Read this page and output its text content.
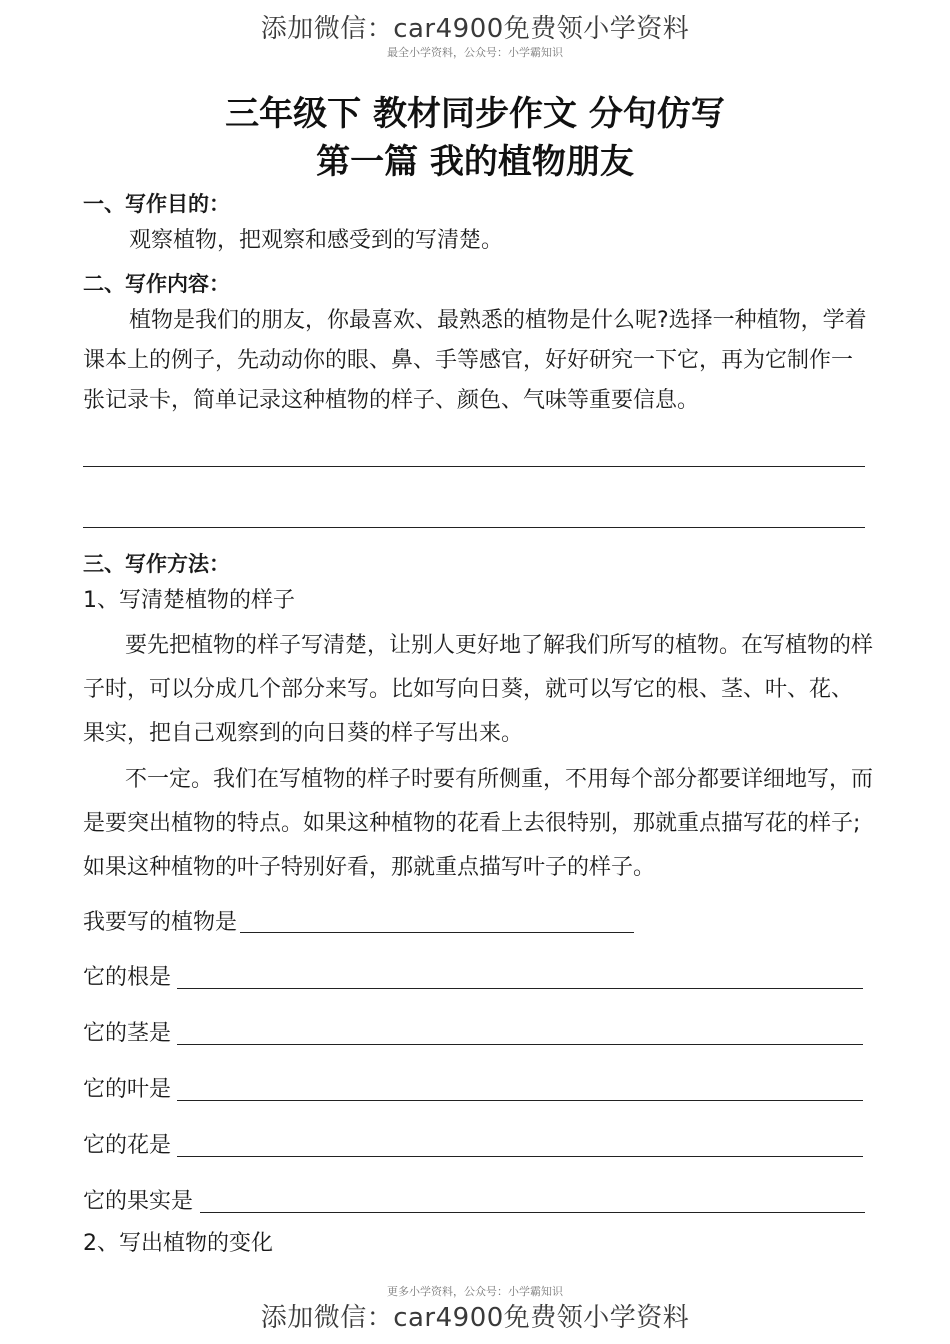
添加微信：car4900免费领小学资料
最全小学资料，公众号：小学霸知识
三年级下 教材同步作文 分句仿写
第一篇 我的植物朋友
一、写作目的：
观察植物，把观察和感受到的写清楚。
二、写作内容：
植物是我们的朋友，你最喜欢、最熟悉的植物是什么呢?选择一种植物，学着课本上的例子，先动动你的眼、鼻、手等感官，好好研究一下它，再为它制作一张记录卡，简单记录这种植物的样子、颜色、气味等重要信息。
三、写作方法：
1、写清楚植物的样子
要先把植物的样子写清楚，让别人更好地了解我们所写的植物。在写植物的样子时，可以分成几个部分来写。比如写向日葵，就可以写它的根、茎、叶、花、果实，把自己观察到的向日葵的样子写出来。
不一定。我们在写植物的样子时要有所侧重，不用每个部分都要详细地写，而是要突出植物的特点。如果这种植物的花看上去很特别，那就重点描写花的样子;如果这种植物的叶子特别好看，那就重点描写叶子的样子。
我要写的植物是
它的根是
它的茎是
它的叶是
它的花是
它的果实是
2、写出植物的变化
更多小学资料，公众号：小学霸知识
添加微信：car4900免费领小学资料
